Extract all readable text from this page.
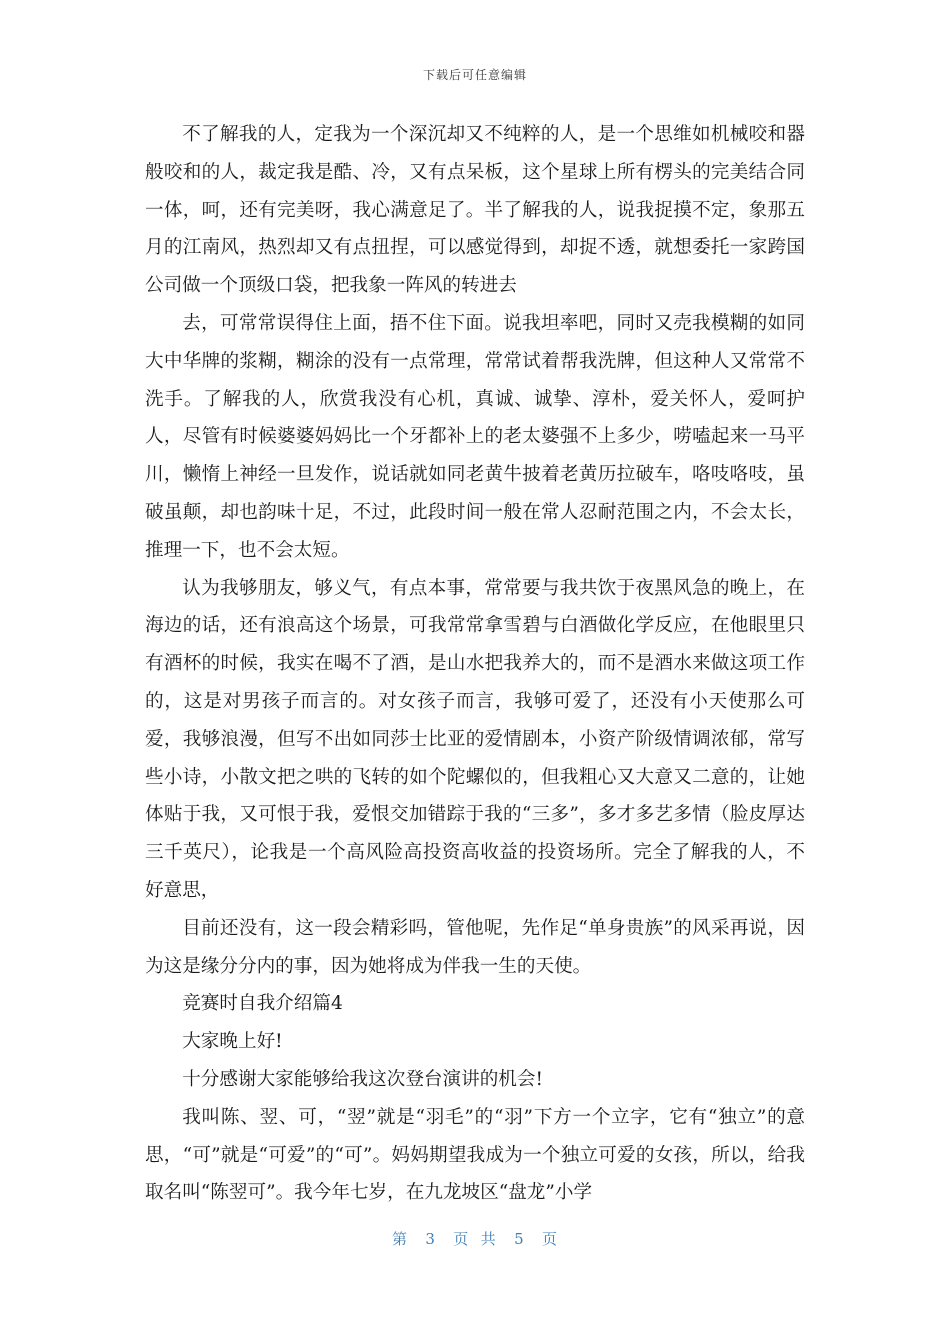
下载后可任意编辑

不了解我的人，定我为一个深沉却又不纯粹的人，是一个思维如机械咬和器般咬和的人，裁定我是酷、冷，又有点呆板，这个星球上所有楞头的完美结合同一体，呵，还有完美呀，我心满意足了。半了解我的人，说我捉摸不定，象那五月的江南风，热烈却又有点扭捏，可以感觉得到，却捉不透，就想委托一家跨国公司做一个顶级口袋，把我象一阵风的转进去

去，可常常误得住上面，捂不住下面。说我坦率吧，同时又売我模糊的如同大中华牌的浆糊，糊涂的没有一点常理，常常试着帮我洗牌，但这种人又常常不洗手。了解我的人，欣赏我没有心机，真诚、诚挚、淳朴，爱关怀人，爱呵护人，尽管有时候婆婆妈妈比一个牙都补上的老太婆强不上多少，唠嗑起来一马平川，懒惰上神经一旦发作，说话就如同老黄牛披着老黄历拉破车，咯吱咯吱，虽破虽颠，却也韵味十足，不过，此段时间一般在常人忍耐范围之内，不会太长，推理一下，也不会太短。

认为我够朋友，够义气，有点本事，常常要与我共饮于夜黑风急的晚上，在海边的话，还有浪高这个场景，可我常常拿雪碧与白酒做化学反应，在他眼里只有酒杯的时候，我实在喝不了酒，是山水把我养大的，而不是酒水来做这项工作的，这是对男孩子而言的。对女孩子而言，我够可爱了，还没有小天使那么可爱，我够浪漫，但写不出如同莎士比亚的爱情剧本，小资产阶级情调浓郁，常写些小诗，小散文把之哄的飞转的如个陀螺似的，但我粗心又大意又二意的，让她体贴于我，又可恨于我，爱恨交加错踪于我的“三多”，多才多艺多情（脸皮厚达三千英尺），论我是一个高风险高投资高收益的投资场所。完全了解我的人，不好意思，

目前还没有，这一段会精彩吗，管他呢，先作足“单身贵族”的风采再说，因为这是缘分分内的事，因为她将成为伴我一生的天使。

竞赛时自我介绍篇4

大家晚上好!

十分感谢大家能够给我这次登台演讲的机会!

我叫陈、翌、可，“翌”就是“羽毛”的“羽”下方一个立字，它有“独立”的意思，“可”就是“可爱”的“可”。妈妈期望我成为一个独立可爱的女孩，所以，给我取名叫“陈翌可”。我今年七岁，在九龙坡区“盘龙”小学

第 3 页  共 5 页
